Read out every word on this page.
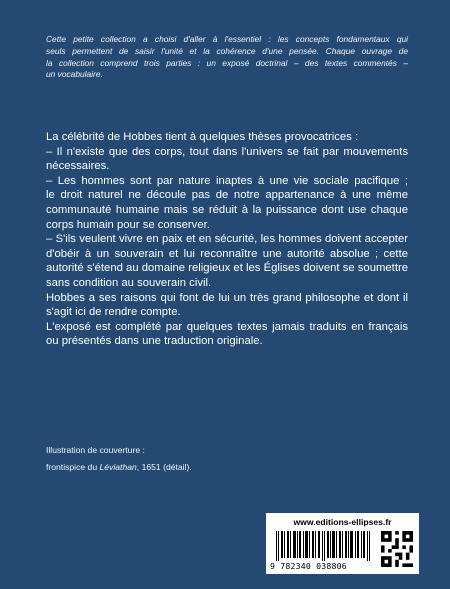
Cette petite collection a choisi d'aller à l'essentiel : les concepts fondamentaux qui
seuls permettent de saisir l'unité et la cohérence d'une pensée. Chaque ouvrage de
la collection comprend trois parties : un exposé doctrinal – des textes commentés –
un vocabulaire.
La célébrité de Hobbes tient à quelques thèses provocatrices :
– Il n'existe que des corps, tout dans l'univers se fait par mouvements
nécessaires.
– Les hommes sont par nature inaptes à une vie sociale pacifique ;
le droit naturel ne découle pas de notre appartenance à une même
communauté humaine mais se réduit à la puissance dont use chaque
corps humain pour se conserver.
– S'ils veulent vivre en paix et en sécurité, les hommes doivent accepter
d'obéir à un souverain et lui reconnaître une autorité absolue ; cette
autorité s'étend au domaine religieux et les Églises doivent se soumettre
sans condition au souverain civil.
Hobbes a ses raisons qui font de lui un très grand philosophe et dont il
s'agit ici de rendre compte.
L'exposé est complété par quelques textes jamais traduits en français
ou présentés dans une traduction originale.
Illustration de couverture :
frontispice du Léviathan, 1651 (détail).
www.editions-ellipses.fr
9 782340 038806
